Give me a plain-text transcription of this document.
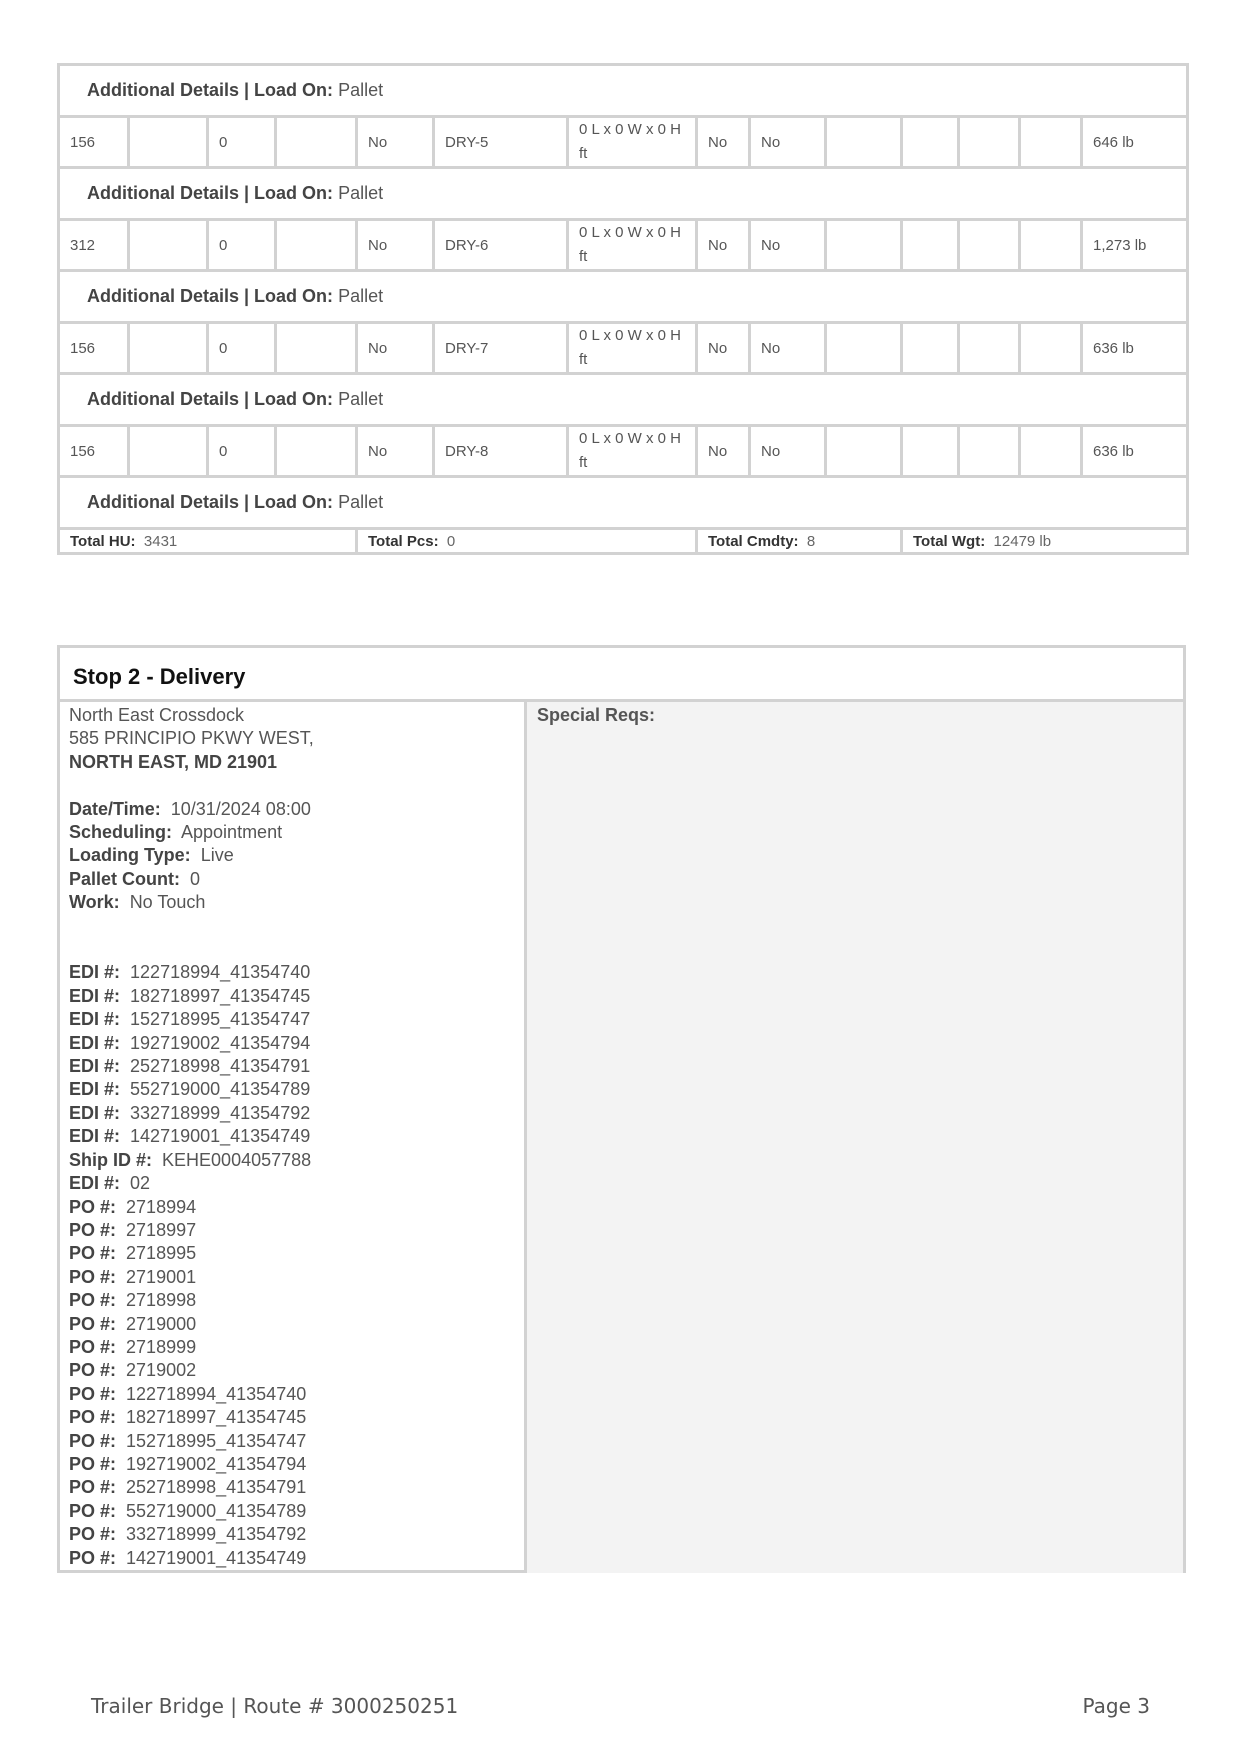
Additional Details | Load On: Pallet													
156		0		No	DRY-5	0 L x 0 W x 0 H ft	No	No					646 lb
Additional Details | Load On: Pallet													
312		0		No	DRY-6	0 L x 0 W x 0 H ft	No	No					1,273 lb
Additional Details | Load On: Pallet													
156		0		No	DRY-7	0 L x 0 W x 0 H ft	No	No					636 lb
Additional Details | Load On: Pallet													
156		0		No	DRY-8	0 L x 0 W x 0 H ft	No	No					636 lb
Additional Details | Load On: Pallet													
Total HU: 3431				Total Pcs: 0			Total Cmdty: 8			Total Wgt: 12479 lb			
Stop 2 - Delivery
North East Crossdock
585 PRINCIPIO PKWY WEST,
NORTH EAST, MD 21901
Date/Time: 10/31/2024 08:00
Scheduling: Appointment
Loading Type: Live
Pallet Count: 0
Work: No Touch
EDI #: 122718994_41354740
EDI #: 182718997_41354745
EDI #: 152718995_41354747
EDI #: 192719002_41354794
EDI #: 252718998_41354791
EDI #: 552719000_41354789
EDI #: 332718999_41354792
EDI #: 142719001_41354749
Ship ID #: KEHE0004057788
EDI #: 02
PO #: 2718994
PO #: 2718997
PO #: 2718995
PO #: 2719001
PO #: 2718998
PO #: 2719000
PO #: 2718999
PO #: 2719002
PO #: 122718994_41354740
PO #: 182718997_41354745
PO #: 152718995_41354747
PO #: 192719002_41354794
PO #: 252718998_41354791
PO #: 552719000_41354789
PO #: 332718999_41354792
PO #: 142719001_41354749
Special Reqs:
Trailer Bridge | Route # 3000250251	Page 3
